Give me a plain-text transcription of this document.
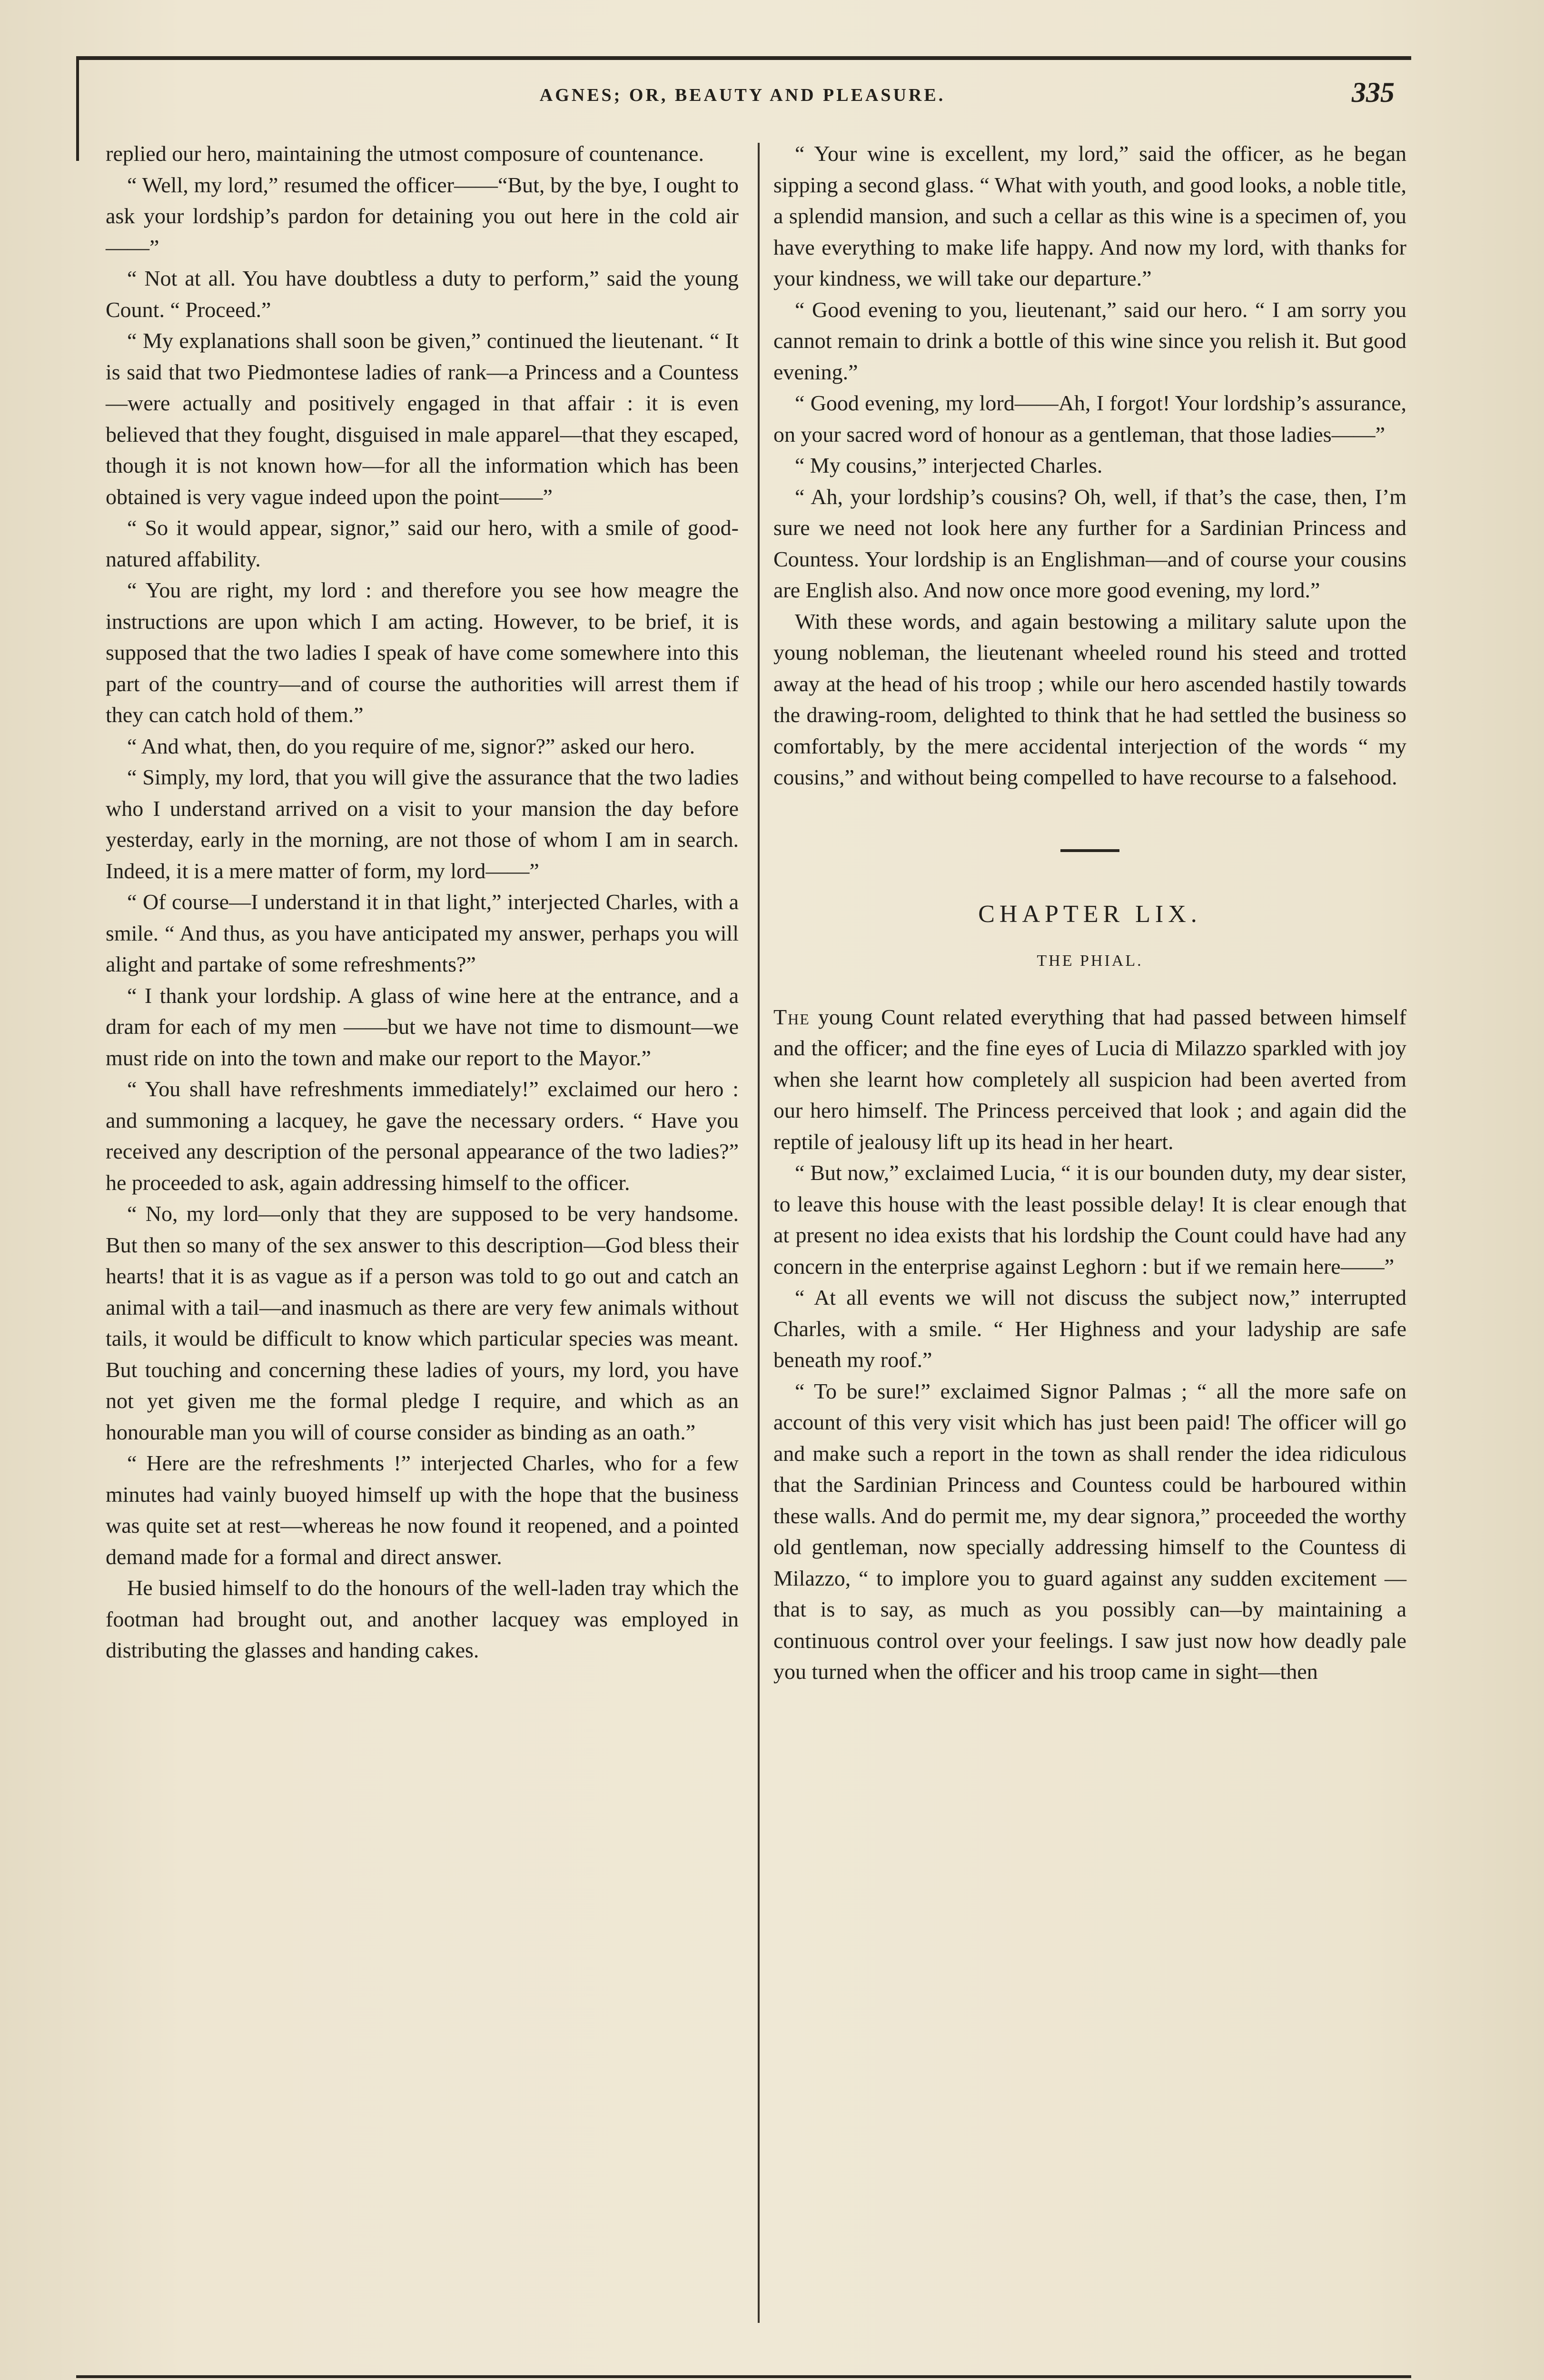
AGNES; OR, BEAUTY AND PLEASURE.	335

replied our hero, maintaining the utmost composure of countenance.

“ Well, my lord,” resumed the officer——“But, by the bye, I ought to ask your lordship’s pardon for detaining you out here in the cold air——”

“ Not at all. You have doubtless a duty to perform,” said the young Count. “ Proceed.”

“ My explanations shall soon be given,” continued the lieutenant. “ It is said that two Piedmontese ladies of rank—a Princess and a Countess —were actually and positively engaged in that affair : it is even believed that they fought, disguised in male apparel—that they escaped, though it is not known how—for all the information which has been obtained is very vague indeed upon the point——”

“ So it would appear, signor,” said our hero, with a smile of good-natured affability.

“ You are right, my lord : and therefore you see how meagre the instructions are upon which I am acting. However, to be brief, it is supposed that the two ladies I speak of have come somewhere into this part of the country—and of course the authorities will arrest them if they can catch hold of them.”

“ And what, then, do you require of me, signor?” asked our hero.

“ Simply, my lord, that you will give the assurance that the two ladies who I understand arrived on a visit to your mansion the day before yesterday, early in the morning, are not those of whom I am in search. Indeed, it is a mere matter of form, my lord——”

“ Of course—I understand it in that light,” interjected Charles, with a smile. “ And thus, as you have anticipated my answer, perhaps you will alight and partake of some refreshments?”

“ I thank your lordship. A glass of wine here at the entrance, and a dram for each of my men ——but we have not time to dismount—we must ride on into the town and make our report to the Mayor.”

“ You shall have refreshments immediately!” exclaimed our hero : and summoning a lacquey, he gave the necessary orders. “ Have you received any description of the personal appearance of the two ladies?” he proceeded to ask, again addressing himself to the officer.

“ No, my lord—only that they are supposed to be very handsome. But then so many of the sex answer to this description—God bless their hearts! that it is as vague as if a person was told to go out and catch an animal with a tail—and inasmuch as there are very few animals without tails, it would be difficult to know which particular species was meant. But touching and concerning these ladies of yours, my lord, you have not yet given me the formal pledge I require, and which as an honourable man you will of course consider as binding as an oath.”

“ Here are the refreshments !” interjected Charles, who for a few minutes had vainly buoyed himself up with the hope that the business was quite set at rest—whereas he now found it reopened, and a pointed demand made for a formal and direct answer.

He busied himself to do the honours of the well-laden tray which the footman had brought out, and another lacquey was employed in distributing the glasses and handing cakes.

“ Your wine is excellent, my lord,” said the officer, as he began sipping a second glass. “ What with youth, and good looks, a noble title, a splendid mansion, and such a cellar as this wine is a specimen of, you have everything to make life happy. And now my lord, with thanks for your kindness, we will take our departure.”

“ Good evening to you, lieutenant,” said our hero. “ I am sorry you cannot remain to drink a bottle of this wine since you relish it. But good evening.”

“ Good evening, my lord——Ah, I forgot! Your lordship’s assurance, on your sacred word of honour as a gentleman, that those ladies——”

“ My cousins,” interjected Charles.

“ Ah, your lordship’s cousins? Oh, well, if that’s the case, then, I’m sure we need not look here any further for a Sardinian Princess and Countess. Your lordship is an Englishman—and of course your cousins are English also. And now once more good evening, my lord.”

With these words, and again bestowing a military salute upon the young nobleman, the lieutenant wheeled round his steed and trotted away at the head of his troop ; while our hero ascended hastily towards the drawing-room, delighted to think that he had settled the business so comfortably, by the mere accidental interjection of the words “ my cousins,” and without being compelled to have recourse to a falsehood.

CHAPTER LIX.
THE PHIAL.

The young Count related everything that had passed between himself and the officer; and the fine eyes of Lucia di Milazzo sparkled with joy when she learnt how completely all suspicion had been averted from our hero himself. The Princess perceived that look ; and again did the reptile of jealousy lift up its head in her heart.

“ But now,” exclaimed Lucia, “ it is our bounden duty, my dear sister, to leave this house with the least possible delay! It is clear enough that at present no idea exists that his lordship the Count could have had any concern in the enterprise against Leghorn : but if we remain here——”

“ At all events we will not discuss the subject now,” interrupted Charles, with a smile. “ Her Highness and your ladyship are safe beneath my roof.”

“ To be sure!” exclaimed Signor Palmas ; “ all the more safe on account of this very visit which has just been paid! The officer will go and make such a report in the town as shall render the idea ridiculous that the Sardinian Princess and Countess could be harboured within these walls. And do permit me, my dear signora,” proceeded the worthy old gentleman, now specially addressing himself to the Countess di Milazzo, “ to implore you to guard against any sudden excitement —that is to say, as much as you possibly can—by maintaining a continuous control over your feelings. I saw just now how deadly pale you turned when the officer and his troop came in sight—then
